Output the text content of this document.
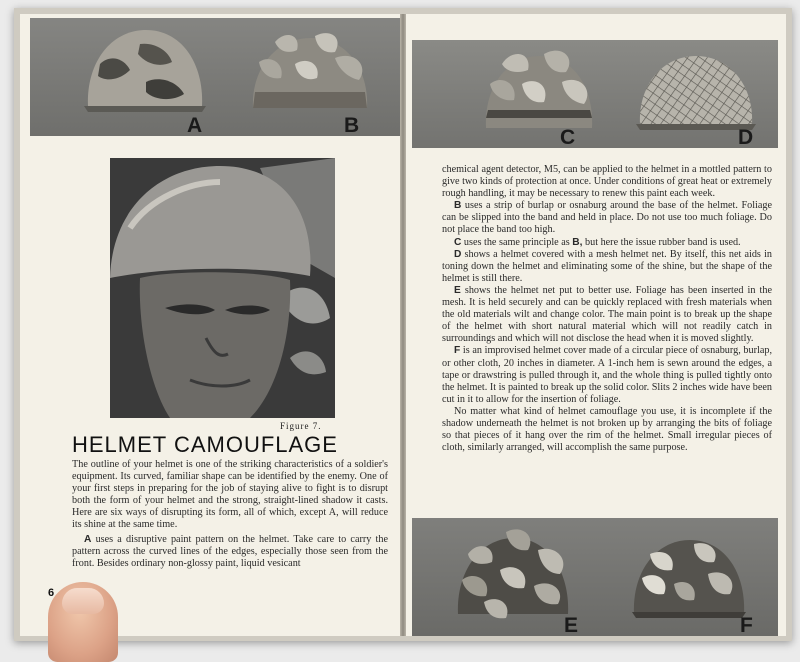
A	B
Figure 7.
HELMET CAMOUFLAGE

The outline of your helmet is one of the striking characteristics of a soldier's equipment. Its curved, familiar shape can be identified by the enemy. One of your first steps in preparing for the job of staying alive to fight is to disrupt both the form of your helmet and the strong, straight-lined shadow it casts. Here are six ways of disrupting its form, all of which, except A, will reduce its shine at the same time.

A uses a disruptive paint pattern on the helmet. Take care to carry the pattern across the curved lines of the edges, especially those seen from the front. Besides ordinary non-glossy paint, liquid vesicant

6
C	D

chemical agent detector, M5, can be applied to the helmet in a mottled pattern to give two kinds of protection at once. Under conditions of great heat or extremely rough handling, it may be necessary to renew this paint each week.

B uses a strip of burlap or osnaburg around the base of the helmet. Foliage can be slipped into the band and held in place. Do not use too much foliage. Do not place the band too high.

C uses the same principle as B, but here the issue rubber band is used.

D shows a helmet covered with a mesh helmet net. By itself, this net aids in toning down the helmet and eliminating some of the shine, but the shape of the helmet is still there.

E shows the helmet net put to better use. Foliage has been inserted in the mesh. It is held securely and can be quickly replaced with fresh materials when the old materials wilt and change color. The main point is to break up the shape of the helmet with short natural material which will not readily catch in surroundings and which will not disclose the head when it is moved slightly.

F is an improvised helmet cover made of a circular piece of osnaburg, burlap, or other cloth, 20 inches in diameter. A 1-inch hem is sewn around the edges, a tape or drawstring is pulled through it, and the whole thing is pulled tightly onto the helmet. It is painted to break up the solid color. Slits 2 inches wide have been cut in it to allow for the insertion of foliage.

No matter what kind of helmet camouflage you use, it is incomplete if the shadow underneath the helmet is not broken up by arranging the bits of foliage so that pieces of it hang over the rim of the helmet. Small irregular pieces of cloth, similarly arranged, will accomplish the same purpose.

E	F
